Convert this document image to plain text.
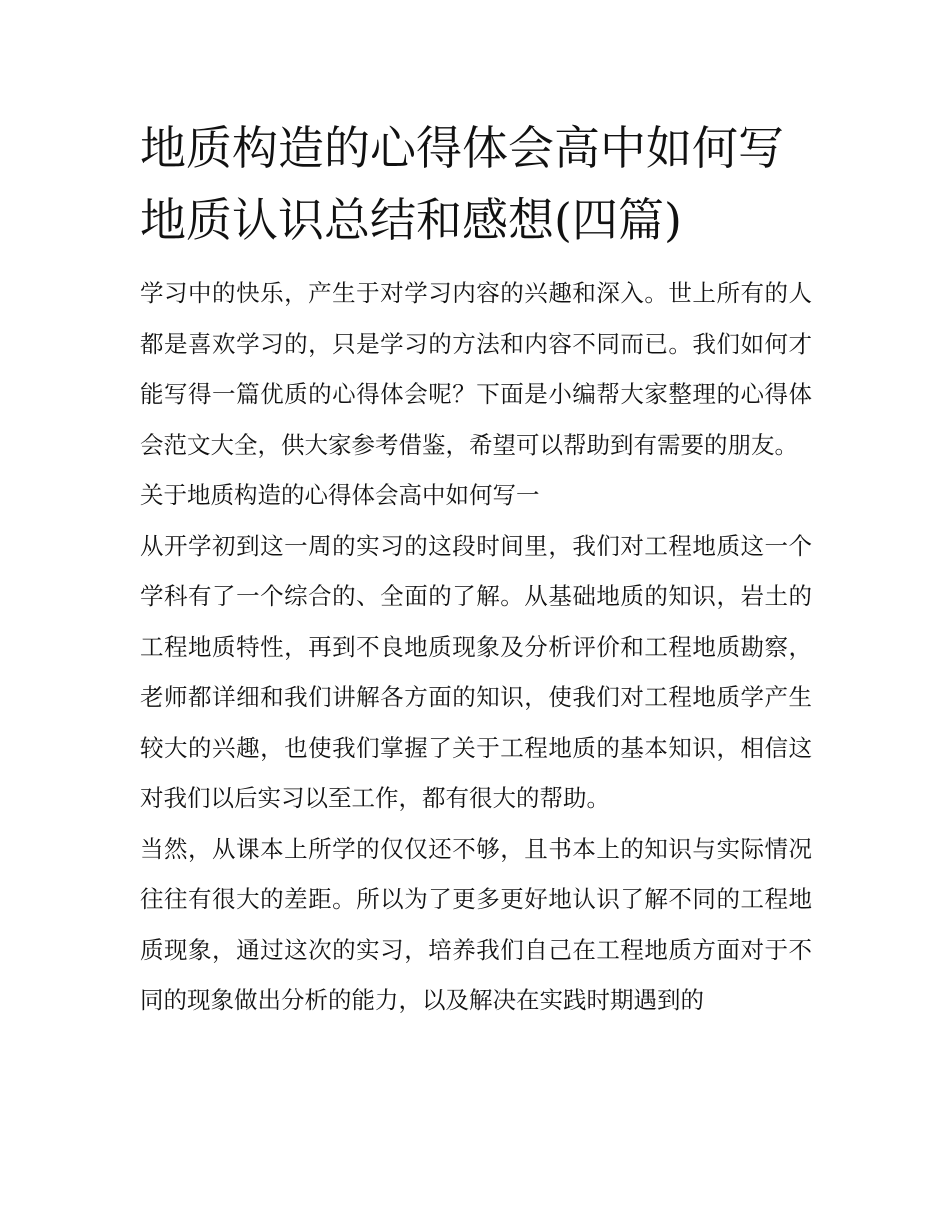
地质构造的心得体会高中如何写 地质认识总结和感想(四篇)

学习中的快乐，产生于对学习内容的兴趣和深入。世上所有的人都是喜欢学习的，只是学习的方法和内容不同而已。我们如何才能写得一篇优质的心得体会呢？下面是小编帮大家整理的心得体会范文大全，供大家参考借鉴，希望可以帮助到有需要的朋友。

关于地质构造的心得体会高中如何写一

从开学初到这一周的实习的这段时间里，我们对工程地质这一个学科有了一个综合的、全面的了解。从基础地质的知识，岩土的工程地质特性，再到不良地质现象及分析评价和工程地质勘察，老师都详细和我们讲解各方面的知识，使我们对工程地质学产生较大的兴趣，也使我们掌握了关于工程地质的基本知识，相信这对我们以后实习以至工作，都有很大的帮助。

当然，从课本上所学的仅仅还不够，且书本上的知识与实际情况往往有很大的差距。所以为了更多更好地认识了解不同的工程地质现象，通过这次的实习，培养我们自己在工程地质方面对于不同的现象做出分析的能力，以及解决在实践时期遇到的
